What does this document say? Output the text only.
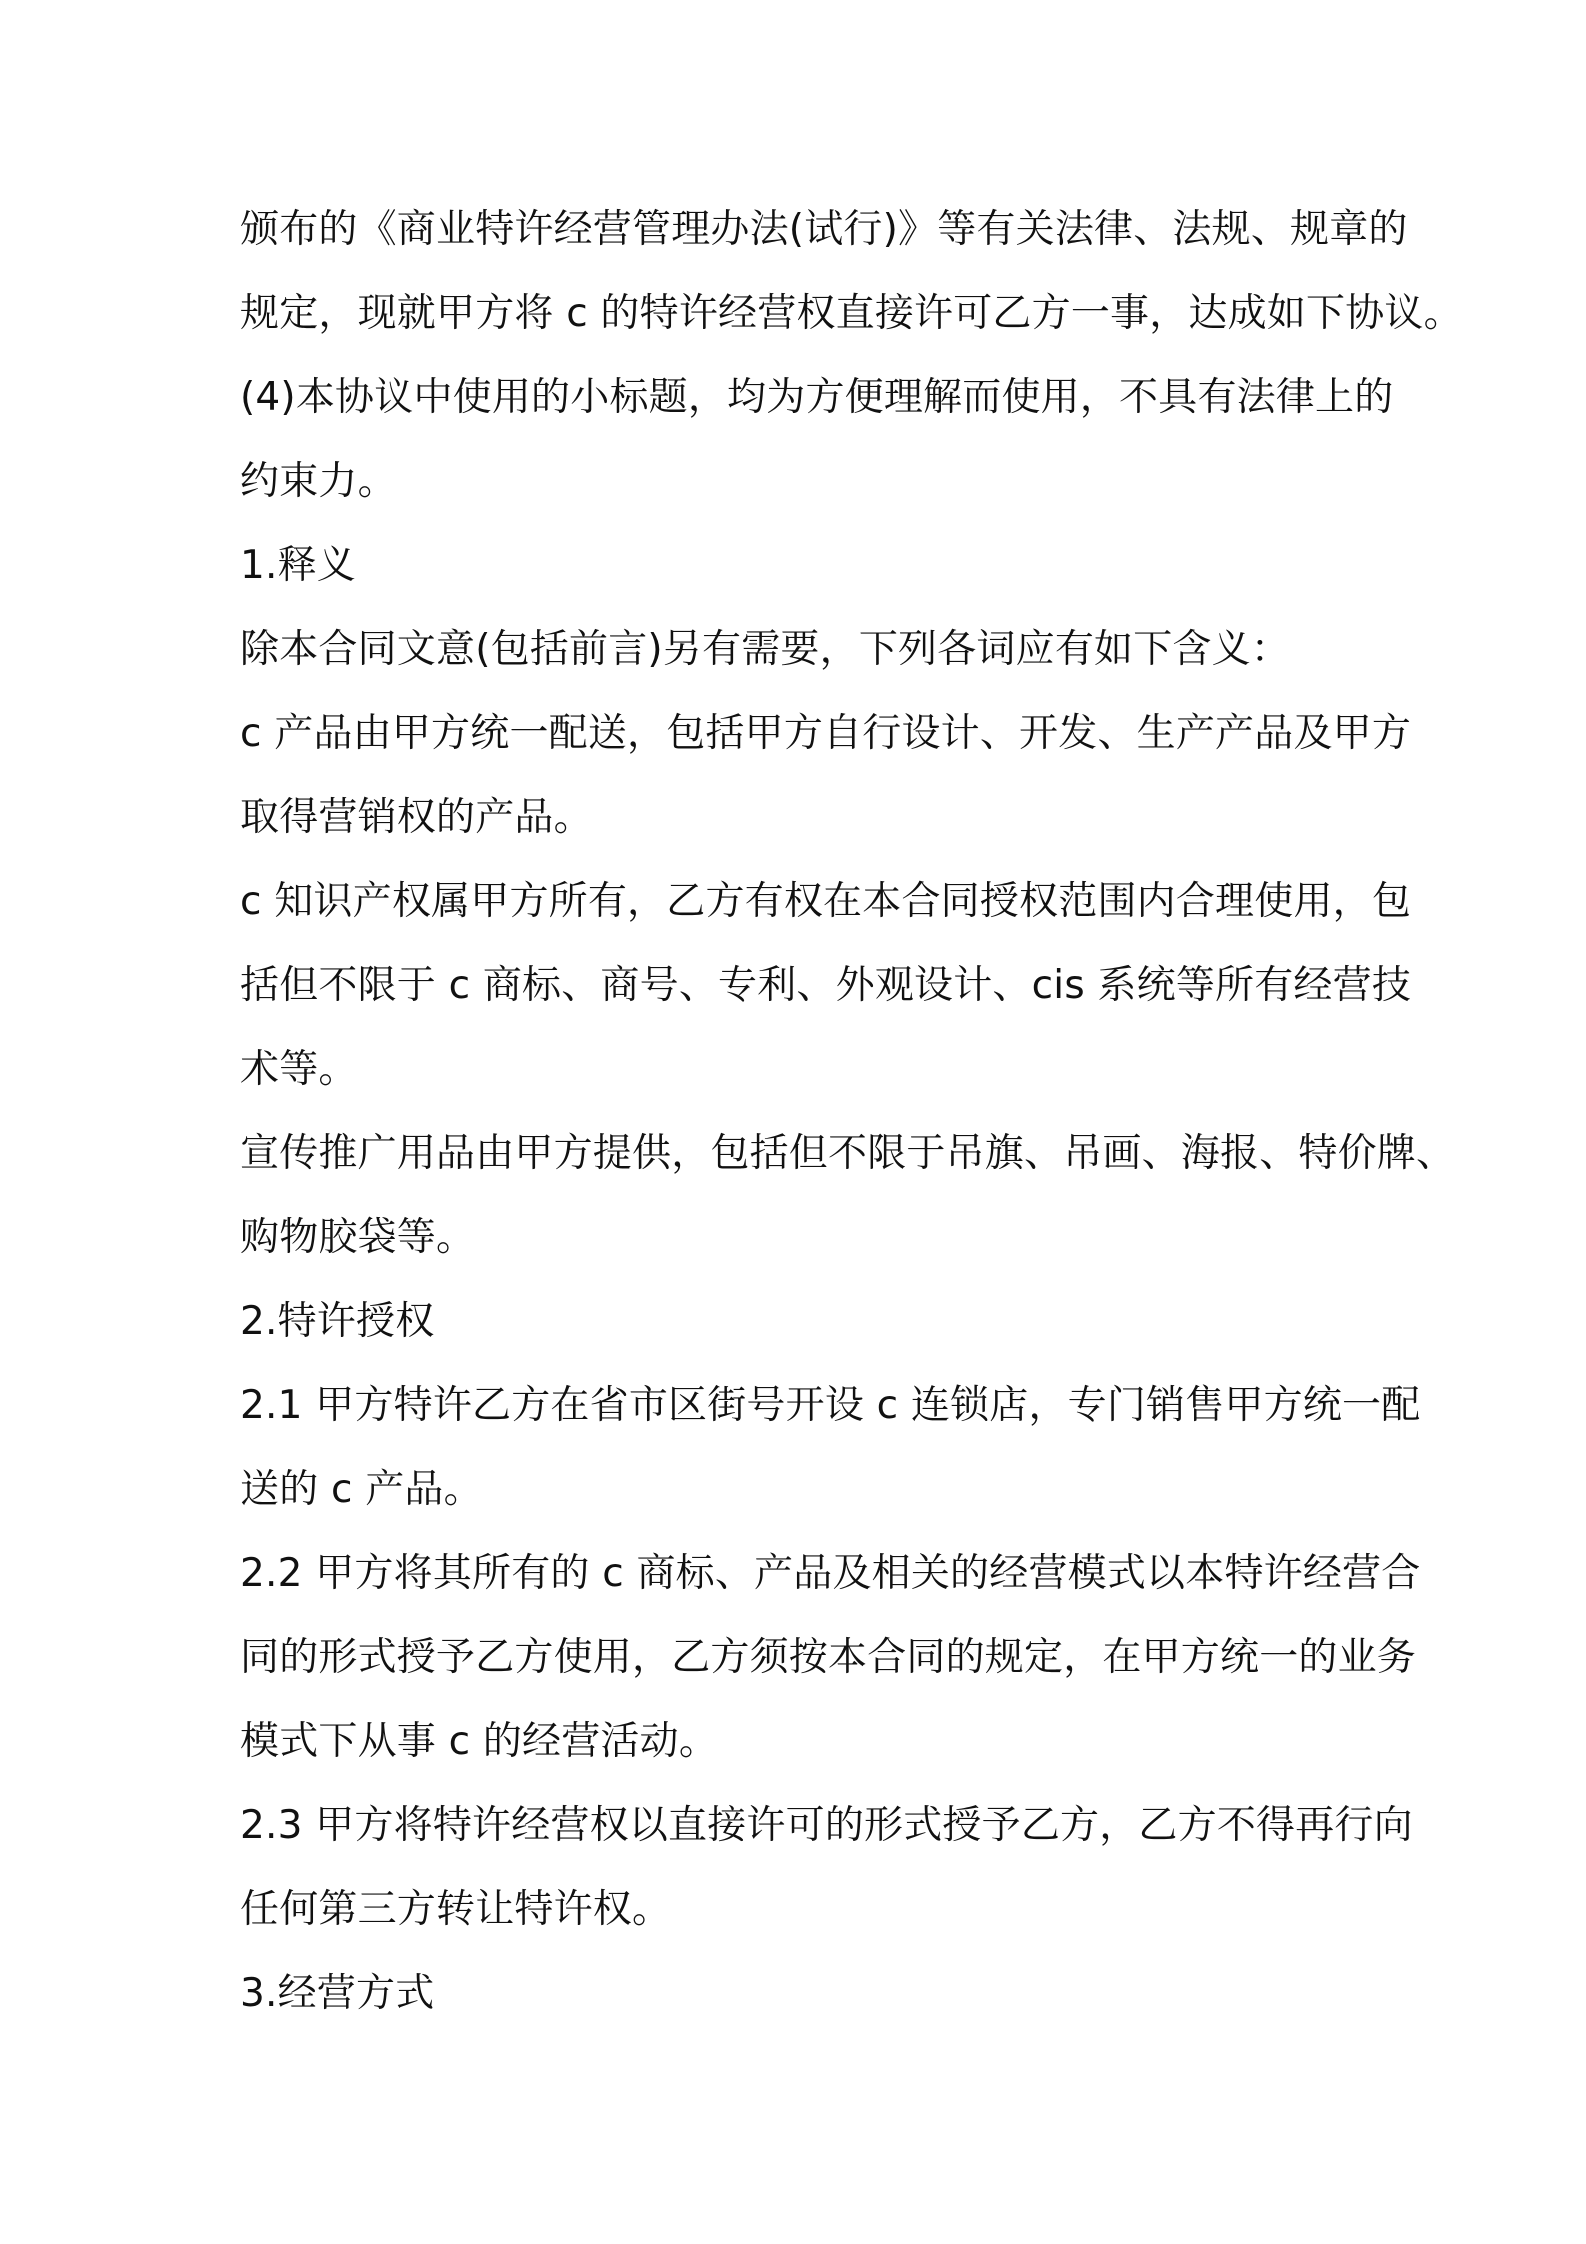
颁布的《商业特许经营管理办法(试行)》等有关法律、法规、规章的
规定，现就甲方将 c 的特许经营权直接许可乙方一事，达成如下协议。
(4)本协议中使用的小标题，均为方便理解而使用，不具有法律上的
约束力。
1.释义
除本合同文意(包括前言)另有需要，下列各词应有如下含义：
c 产品由甲方统一配送，包括甲方自行设计、开发、生产产品及甲方
取得营销权的产品。
c 知识产权属甲方所有，乙方有权在本合同授权范围内合理使用，包
括但不限于 c 商标、商号、专利、外观设计、cis 系统等所有经营技
术等。
宣传推广用品由甲方提供，包括但不限于吊旗、吊画、海报、特价牌、
购物胶袋等。
2.特许授权
2.1 甲方特许乙方在省市区街号开设 c 连锁店，专门销售甲方统一配
送的 c 产品。
2.2 甲方将其所有的 c 商标、产品及相关的经营模式以本特许经营合
同的形式授予乙方使用，乙方须按本合同的规定，在甲方统一的业务
模式下从事 c 的经营活动。
2.3 甲方将特许经营权以直接许可的形式授予乙方，乙方不得再行向
任何第三方转让特许权。
3.经营方式
